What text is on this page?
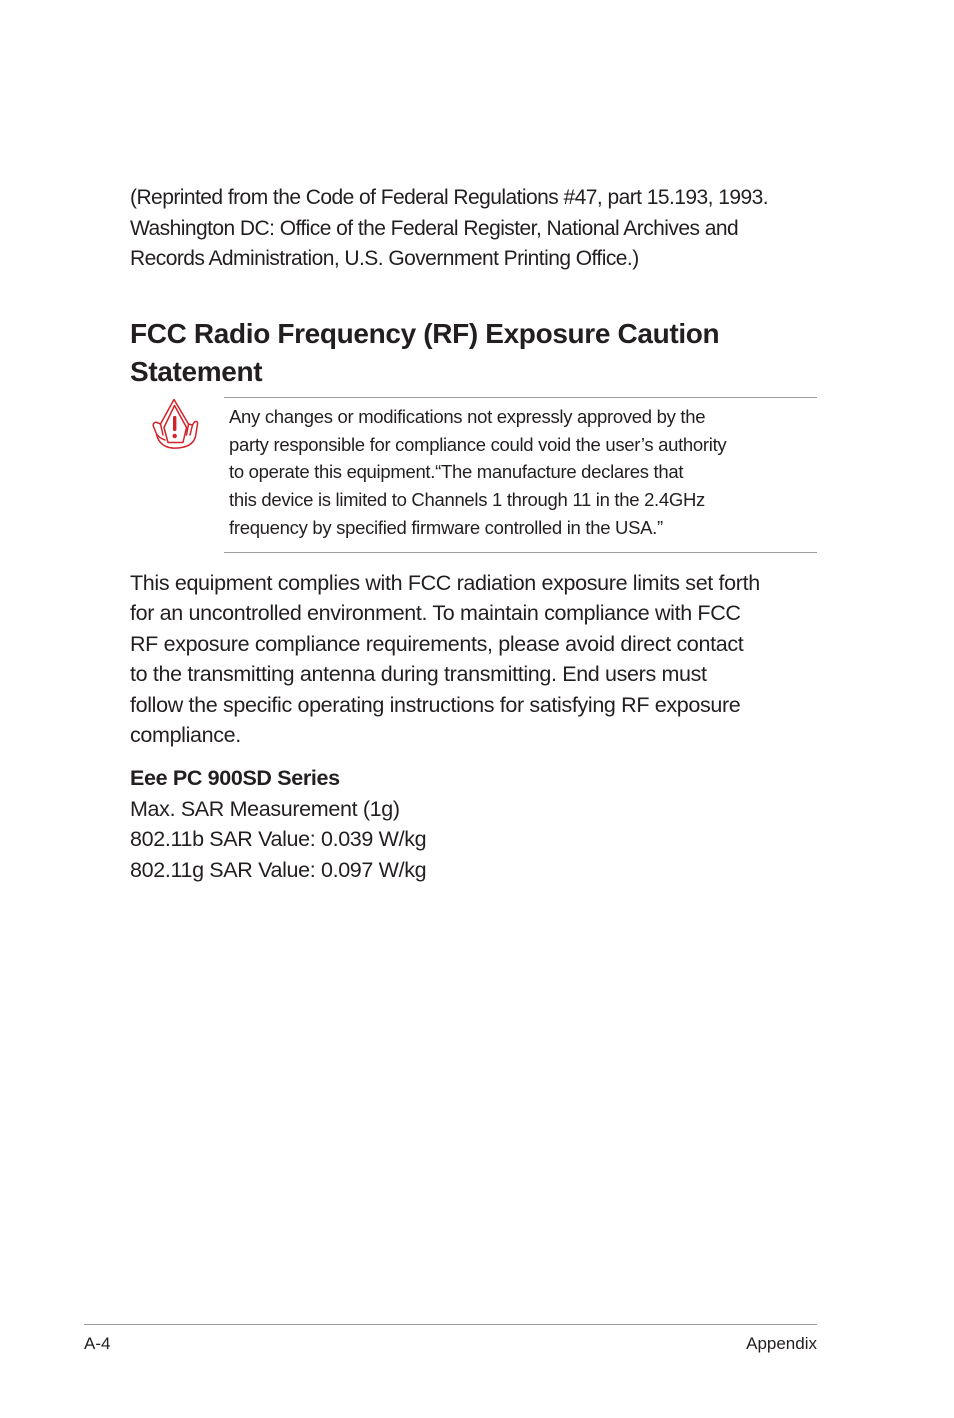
(Reprinted from the Code of Federal Regulations #47, part 15.193, 1993.
Washington DC: Office of the Federal Register, National Archives and
Records Administration, U.S. Government Printing Office.)
FCC Radio Frequency (RF) Exposure Caution
Statement
Any changes or modifications not expressly approved by the
party responsible for compliance could void the user’s authority
to operate this equipment.“The manufacture declares that
this device is limited to Channels 1 through 11 in the 2.4GHz
frequency by specified firmware controlled in the USA.”
This equipment complies with FCC radiation exposure limits set forth
for an uncontrolled environment. To maintain compliance with FCC
RF exposure compliance requirements, please avoid direct contact
to the transmitting antenna during transmitting. End users must
follow the specific operating instructions for satisfying RF exposure
compliance.
Eee PC 900SD Series
Max. SAR Measurement (1g)
802.11b SAR Value: 0.039 W/kg
802.11g SAR Value: 0.097 W/kg
A-4	Appendix
